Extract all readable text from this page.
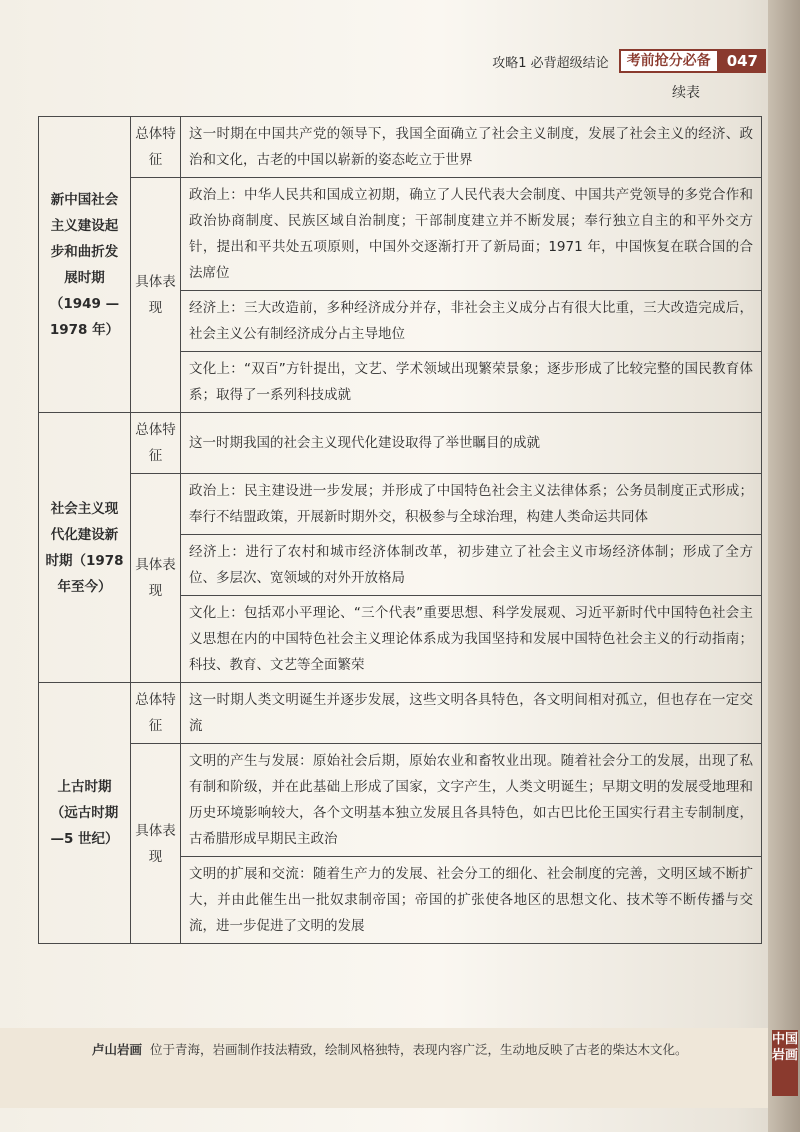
中国岩画
攻略1 必背超级结论	考前抢分必备	047
续表
新中国社会主义建设起步和曲折发展时期（1949 — 1978 年）	总体特征	这一时期在中国共产党的领导下，我国全面确立了社会主义制度，发展了社会主义的经济、政治和文化，古老的中国以崭新的姿态屹立于世界
	具体表现	政治上：中华人民共和国成立初期，确立了人民代表大会制度、中国共产党领导的多党合作和政治协商制度、民族区域自治制度；干部制度建立并不断发展；奉行独立自主的和平外交方针，提出和平共处五项原则，中国外交逐渐打开了新局面；1971 年，中国恢复在联合国的合法席位
		经济上：三大改造前，多种经济成分并存，非社会主义成分占有很大比重，三大改造完成后，社会主义公有制经济成分占主导地位
		文化上：“双百”方针提出，文艺、学术领域出现繁荣景象；逐步形成了比较完整的国民教育体系；取得了一系列科技成就
社会主义现代化建设新时期（1978 年至今）	总体特征	这一时期我国的社会主义现代化建设取得了举世瞩目的成就
	具体表现	政治上：民主建设进一步发展；并形成了中国特色社会主义法律体系；公务员制度正式形成；奉行不结盟政策，开展新时期外交，积极参与全球治理，构建人类命运共同体
		经济上：进行了农村和城市经济体制改革，初步建立了社会主义市场经济体制；形成了全方位、多层次、宽领域的对外开放格局
		文化上：包括邓小平理论、“三个代表”重要思想、科学发展观、习近平新时代中国特色社会主义思想在内的中国特色社会主义理论体系成为我国坚持和发展中国特色社会主义的行动指南；科技、教育、文艺等全面繁荣
上古时期（远古时期—5 世纪）	总体特征	这一时期人类文明诞生并逐步发展，这些文明各具特色，各文明间相对孤立，但也存在一定交流
	具体表现	文明的产生与发展：原始社会后期，原始农业和畜牧业出现。随着社会分工的发展，出现了私有制和阶级，并在此基础上形成了国家，文字产生，人类文明诞生；早期文明的发展受地理和历史环境影响较大，各个文明基本独立发展且各具特色，如古巴比伦王国实行君主专制制度，古希腊形成早期民主政治
		文明的扩展和交流：随着生产力的发展、社会分工的细化、社会制度的完善，文明区域不断扩大，并由此催生出一批奴隶制帝国；帝国的扩张使各地区的思想文化、技术等不断传播与交流，进一步促进了文明的发展
卢山岩画 位于青海，岩画制作技法精致，绘制风格独特，表现内容广泛，生动地反映了古老的柴达木文化。
